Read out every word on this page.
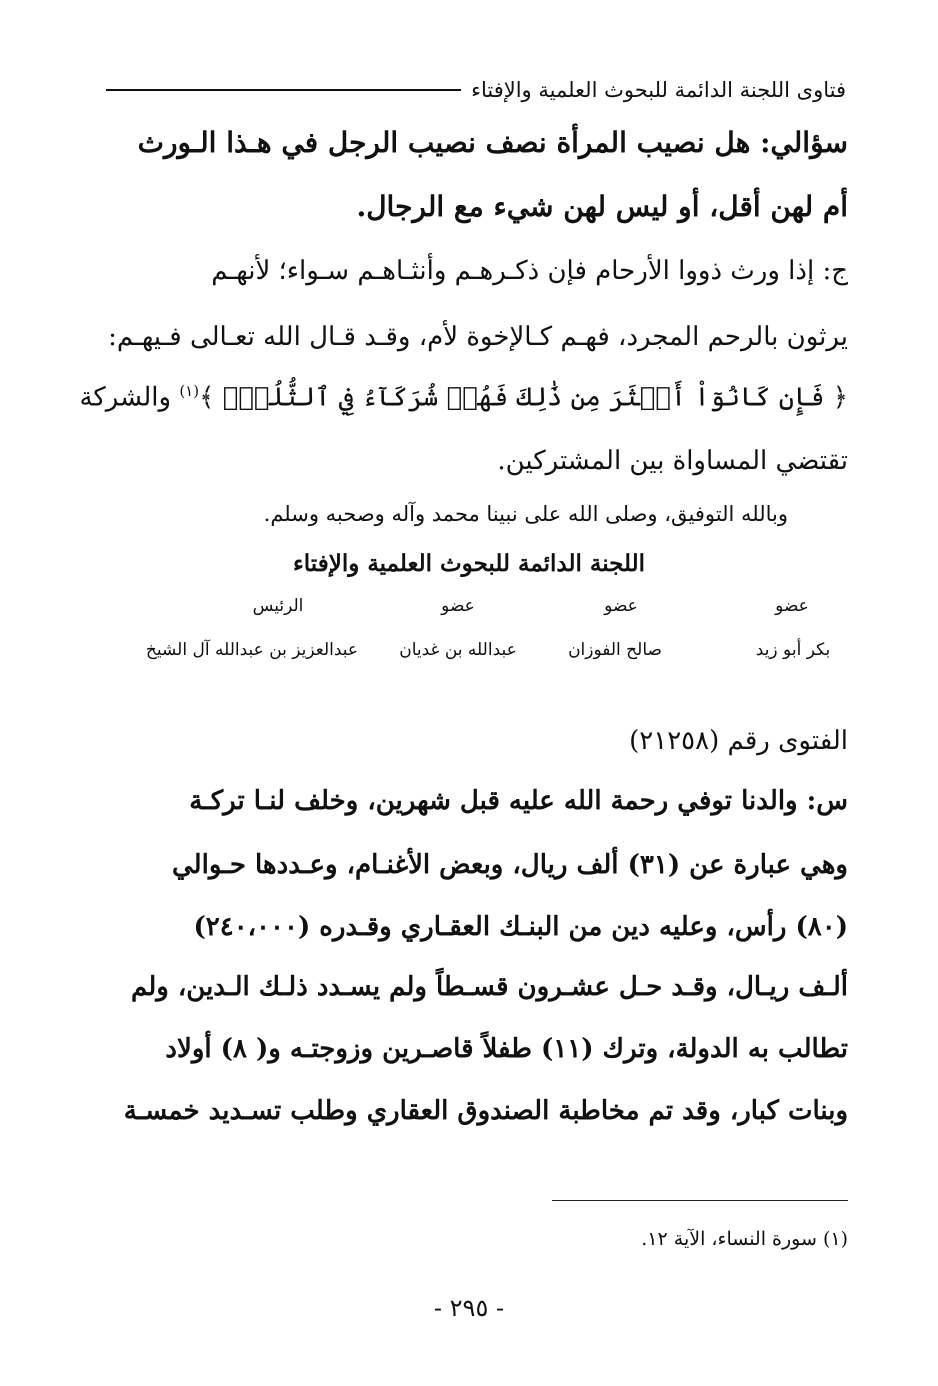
فتاوى اللجنة الدائمة للبحوث العلمية والإفتاء
سؤالي: هل نصيب المرأة نصف نصيب الرجل في هـذا الـورث
أم لهن أقل، أو ليس لهن شيء مع الرجال.
ج: إذا ورث ذووا الأرحام فإن ذكـرهـم وأنثـاهـم سـواء؛ لأنهـم
يرثون بالرحم المجرد، فهـم كـالإخوة لأم، وقـد قـال الله تعـالى فـيهـم:
﴿ فَإِن كَانُوٓاْ أَكۡثَرَ مِن ذَٰلِكَ فَهُمۡ شُرَكَآءُ فِي ٱلثُّلُثِۚ ﴾$^{(١)}$ والشركة
تقتضي المساواة بين المشتركين.
وبالله التوفيق، وصلى الله على نبينا محمد وآله وصحبه وسلم.
اللجنة الدائمة للبحوث العلمية والإفتاء
عضو
عضو
عضو
الرئيس
بكر أبو زيد
صالح الفوزان
عبدالله بن غديان
عبدالعزيز بن عبدالله آل الشيخ
الفتوى رقم (٢١٢٥٨)
س: والدنا توفي رحمة الله عليه قبل شهرين، وخلف لنـا تركـة
وهي عبارة عن (٣١) ألف ريال، وبعض الأغنـام، وعـددها حـوالي
(٨٠) رأس، وعليه دين من البنـك العقـاري وقـدره (٢٤٠،٠٠٠)
ألـف ريـال، وقـد حـل عشـرون قسـطاً ولم يسـدد ذلـك الـدين، ولم
تطالب به الدولة، وترك (١١) طفلاً قاصـرين وزوجتـه و( ٨) أولاد
وبنات كبار، وقد تم مخاطبة الصندوق العقاري وطلب تسـديد خمسـة
(١) سورة النساء، الآية ١٢.
- ٢٩٥ -
